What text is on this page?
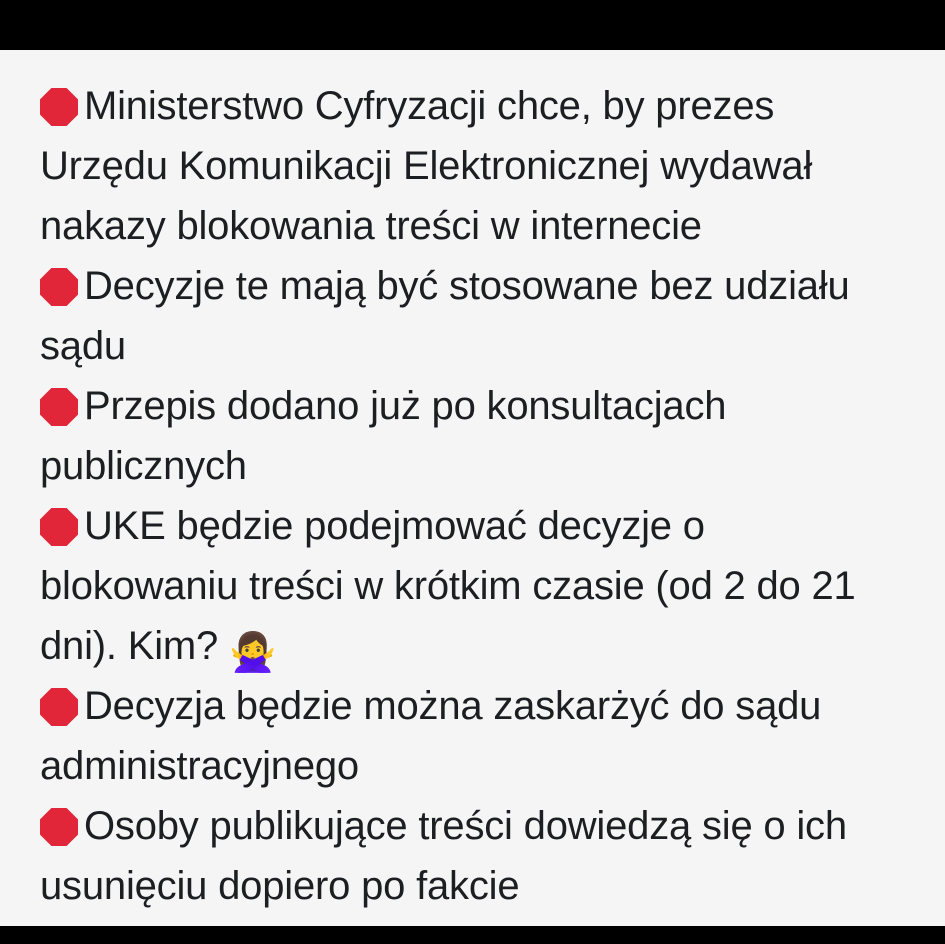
Ministerstwo Cyfryzacji chce, by prezes Urzędu Komunikacji Elektronicznej wydawał nakazy blokowania treści w internecie
Decyzje te mają być stosowane bez udziału sądu
Przepis dodano już po konsultacjach publicznych
UKE będzie podejmować decyzje o blokowaniu treści w krótkim czasie (od 2 do 21 dni). Kim? 🙅‍♀️
Decyzja będzie można zaskarżyć do sądu administracyjnego
Osoby publikujące treści dowiedzą się o ich usunięciu dopiero po fakcie
